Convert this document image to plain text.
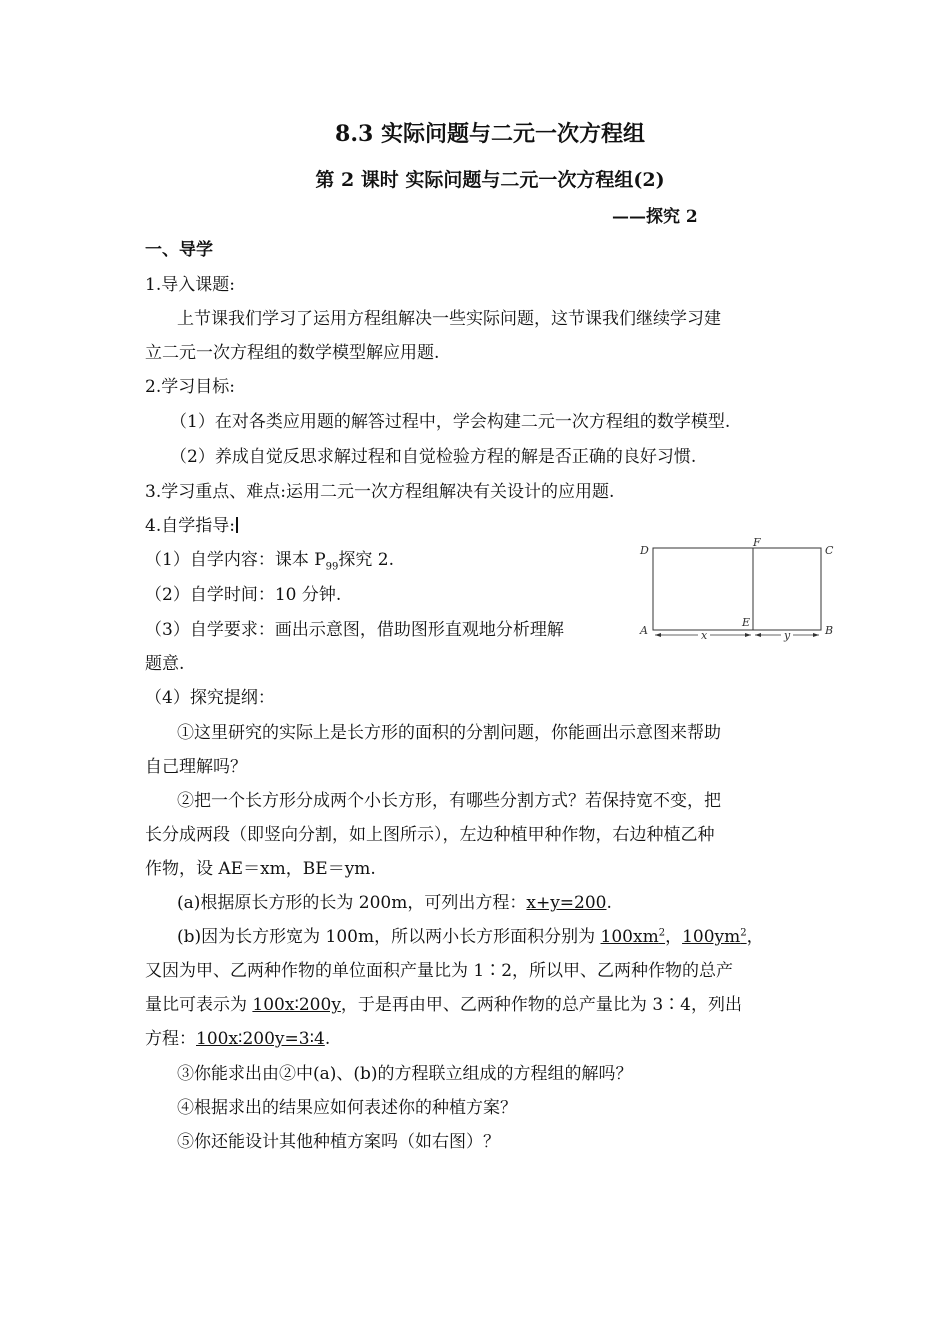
8.3 实际问题与二元一次方程组
第 2 课时 实际问题与二元一次方程组(2)
——探究 2
一、导学
1.导入课题:
上节课我们学习了运用方程组解决一些实际问题，这节课我们继续学习建
立二元一次方程组的数学模型解应用题.
2.学习目标:
（1）在对各类应用题的解答过程中，学会构建二元一次方程组的数学模型.
（2）养成自觉反思求解过程和自觉检验方程的解是否正确的良好习惯.
3.学习重点、难点:运用二元一次方程组解决有关设计的应用题.
4.自学指导:
（1）自学内容：课本 $P_{99}$探究 2.
（2）自学时间：10 分钟.
（3）自学要求：画出示意图，借助图形直观地分析理解
题意.
（4）探究提纲：
D
F
C
A
E
B
x	y
①这里研究的实际上是长方形的面积的分割问题，你能画出示意图来帮助
自己理解吗？
②把一个长方形分成两个小长方形，有哪些分割方式？若保持宽不变，把
长分成两段（即竖向分割，如上图所示），左边种植甲种作物，右边种植乙种
作物，设 AE＝xm，BE＝ym.
(a)根据原长方形的长为 200m，可列出方程：x+y=200.
(b)因为长方形宽为 100m，所以两小长方形面积分别为 $100xm^2$，$100ym^2$，
又因为甲、乙两种作物的单位面积产量比为 1∶2，所以甲、乙两种作物的总产
量比可表示为 100x∶200y，于是再由甲、乙两种作物的总产量比为 3∶4，列出
方程：100x∶200y=3∶4.
③你能求出由②中(a)、(b)的方程联立组成的方程组的解吗？
④根据求出的结果应如何表述你的种植方案？
⑤你还能设计其他种植方案吗（如右图）？
